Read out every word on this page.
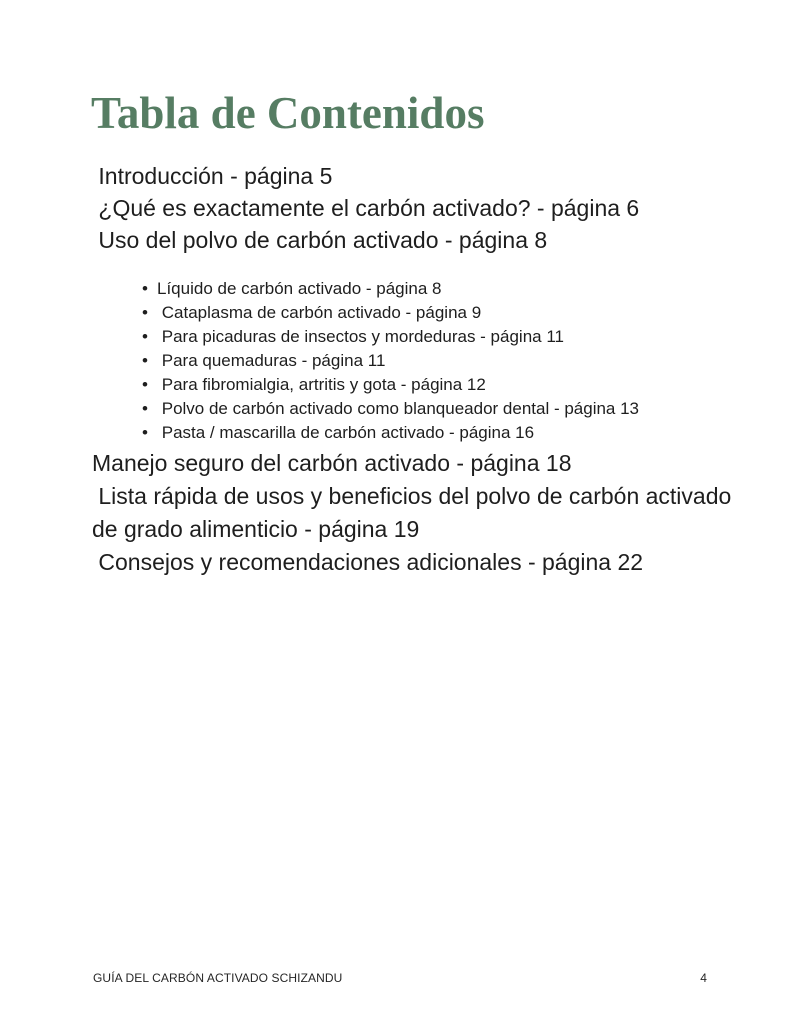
Tabla de Contenidos
Introducción - página 5
¿Qué es exactamente el carbón activado? - página 6
Uso del polvo de carbón activado - página 8
• Líquido de carbón activado - página 8
• Cataplasma de carbón activado - página 9
• Para picaduras de insectos y mordeduras - página 11
• Para quemaduras - página 11
• Para fibromialgia, artritis y gota - página 12
• Polvo de carbón activado como blanqueador dental - página 13
• Pasta / mascarilla de carbón activado - página 16
Manejo seguro del carbón activado - página 18
Lista rápida de usos y beneficios del polvo de carbón activado de grado alimenticio - página 19
Consejos y recomendaciones adicionales - página 22
GUÍA DEL CARBÓN ACTIVADO SCHIZANDU	4
